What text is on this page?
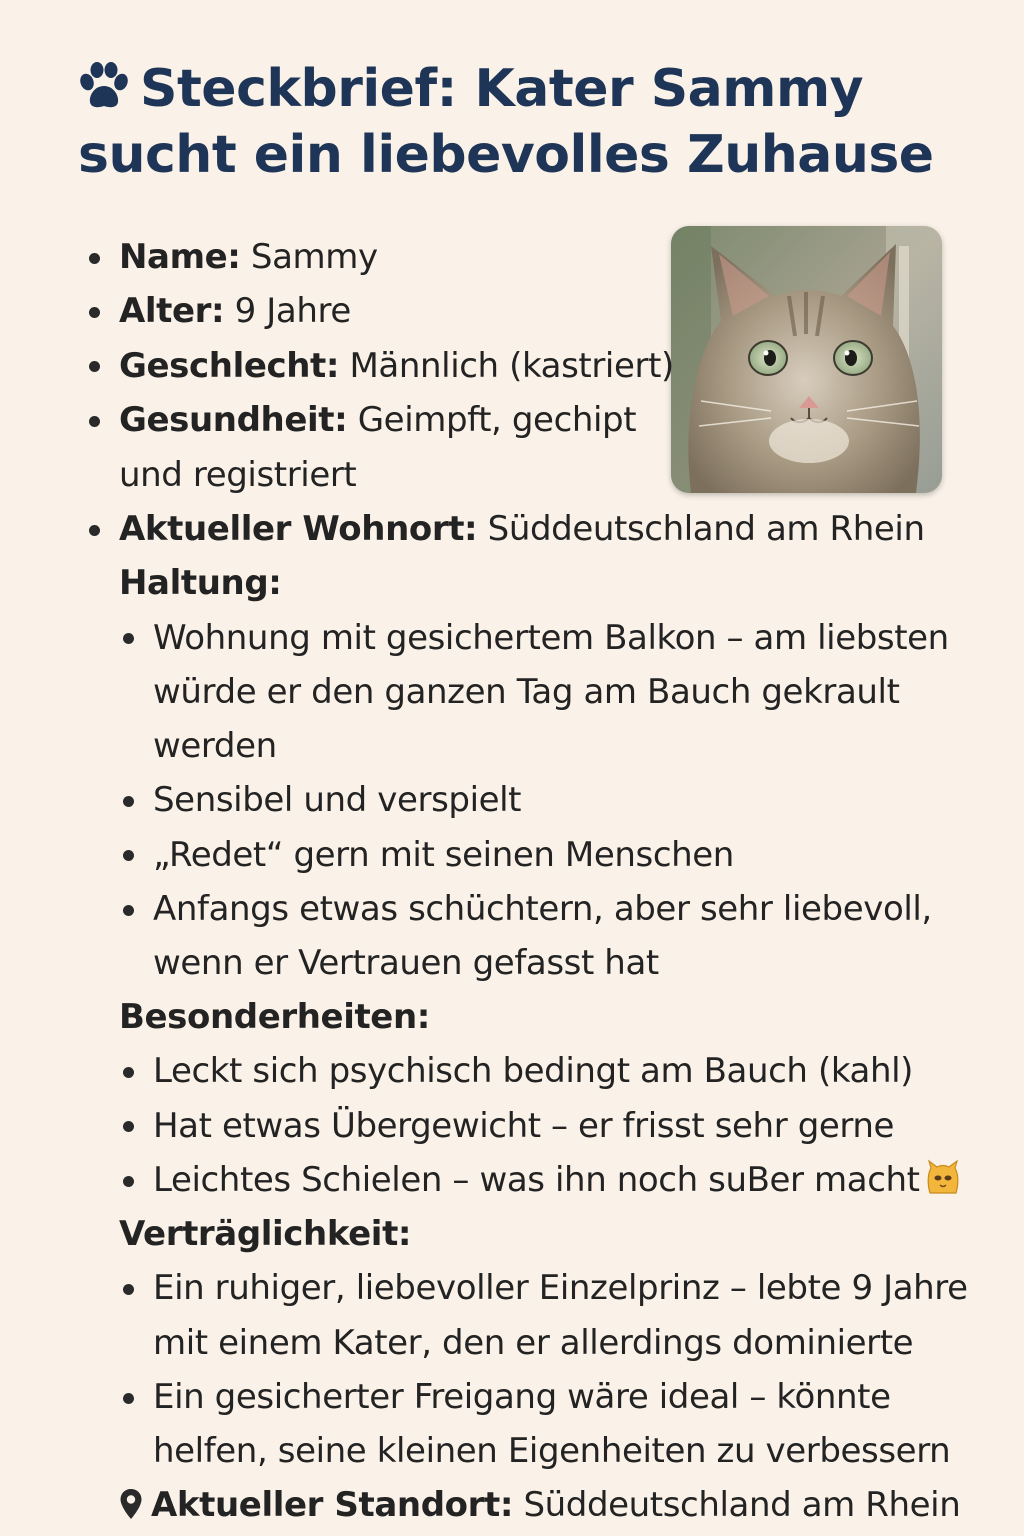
Steckbrief: Kater Sammy sucht ein liebevolles Zuhause
Name: Sammy
Alter: 9 Jahre
Geschlecht: Männlich (kastriert)
Gesundheit: Geimpft, gechipt
und registriert
Aktueller Wohnort: Süddeutschland am Rhein
Haltung:
Wohnung mit gesichertem Balkon – am liebsten
würde er den ganzen Tag am Bauch gekrault
werden
Sensibel und verspielt
„Redet“ gern mit seinen Menschen
Anfangs etwas schüchtern, aber sehr liebevoll,
wenn er Vertrauen gefasst hat
Besonderheiten:
Leckt sich psychisch bedingt am Bauch (kahl)
Hat etwas Übergewicht – er frisst sehr gerne
Leichtes Schielen – was ihn noch suBer macht
Verträglichkeit:
Ein ruhiger, liebevoller Einzelprinz – lebte 9 Jahre
mit einem Kater, den er allerdings dominierte
Ein gesicherter Freigang wäre ideal – könnte
helfen, seine kleinen Eigenheiten zu verbessern
Aktueller Standort: Süddeutschland am Rhein
